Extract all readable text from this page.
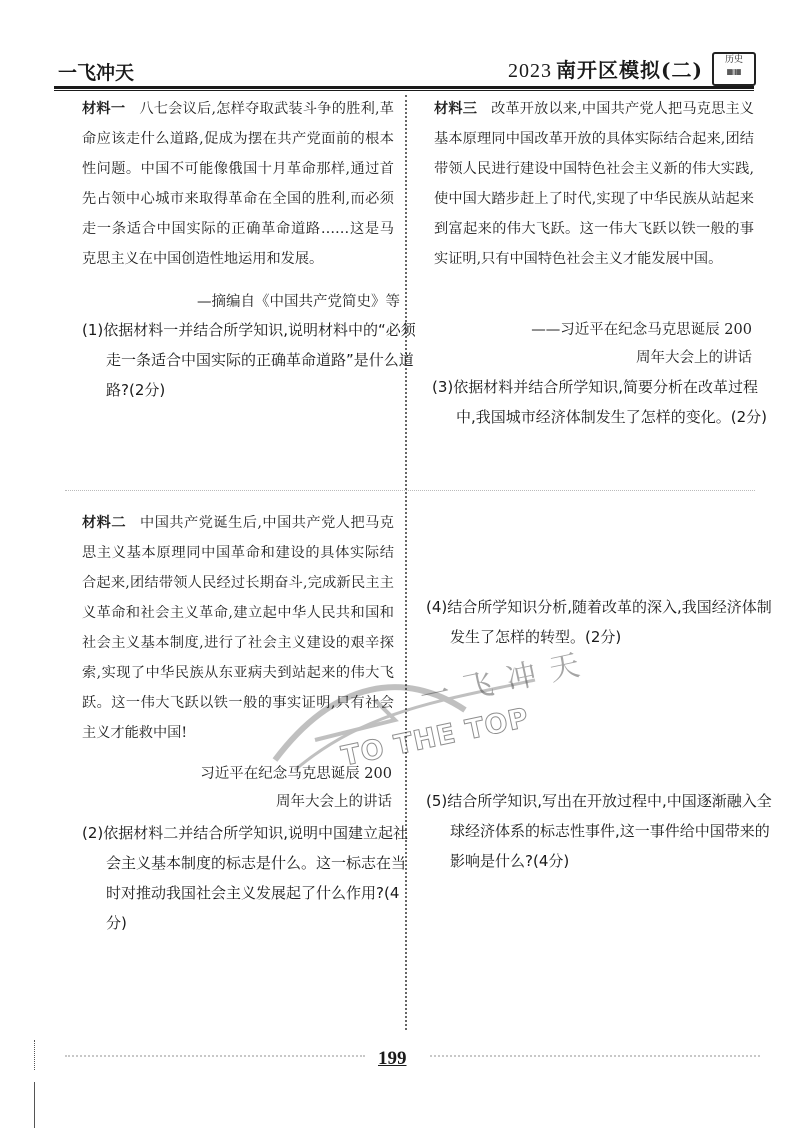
一飞冲天	2023 南开区模拟(二)	历史
▦▦
材料一 八七会议后,怎样夺取武装斗争的胜利,革命应该走什么道路,促成为摆在共产党面前的根本性问题。中国不可能像俄国十月革命那样,通过首先占领中心城市来取得革命在全国的胜利,而必须走一条适合中国实际的正确革命道路……这是马克思主义在中国创造性地运用和发展。
—摘编自《中国共产党简史》等
(1)依据材料一并结合所学知识,说明材料中的“必须走一条适合中国实际的正确革命道路”是什么道路?(2分)
材料三 改革开放以来,中国共产党人把马克思主义基本原理同中国改革开放的具体实际结合起来,团结带领人民进行建设中国特色社会主义新的伟大实践,使中国大踏步赶上了时代,实现了中华民族从站起来到富起来的伟大飞跃。这一伟大飞跃以铁一般的事实证明,只有中国特色社会主义才能发展中国。
——习近平在纪念马克思诞辰 200
周年大会上的讲话
(3)依据材料并结合所学知识,简要分析在改革过程中,我国城市经济体制发生了怎样的变化。(2分)
材料二 中国共产党诞生后,中国共产党人把马克思主义基本原理同中国革命和建设的具体实际结合起来,团结带领人民经过长期奋斗,完成新民主主义革命和社会主义革命,建立起中华人民共和国和社会主义基本制度,进行了社会主义建设的艰辛探索,实现了中华民族从东亚病夫到站起来的伟大飞跃。这一伟大飞跃以铁一般的事实证明,只有社会主义才能救中国!
习近平在纪念马克思诞辰 200
周年大会上的讲话
(2)依据材料二并结合所学知识,说明中国建立起社会主义基本制度的标志是什么。这一标志在当时对推动我国社会主义发展起了什么作用?(4分)
(4)结合所学知识分析,随着改革的深入,我国经济体制发生了怎样的转型。(2分)
(5)结合所学知识,写出在开放过程中,中国逐渐融入全球经济体系的标志性事件,这一事件给中国带来的影响是什么?(4分)
一飞冲天
TO THE TOP
199
